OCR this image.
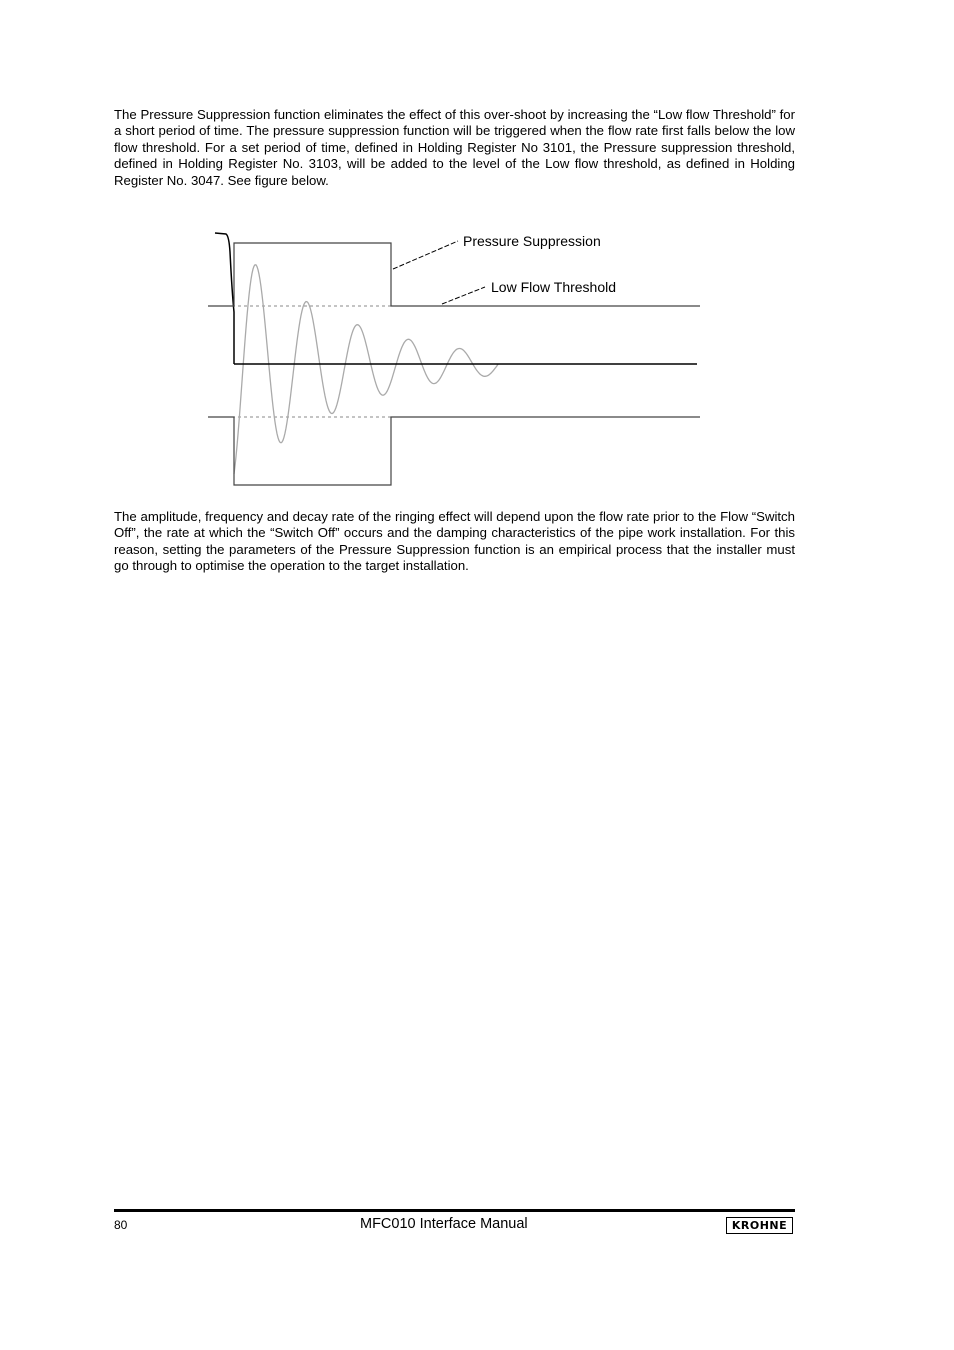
The Pressure Suppression function eliminates the effect of this over-shoot by increasing the “Low flow Threshold” for a short period of time. The pressure suppression function will be triggered when the flow rate first falls below the low flow threshold. For a set period of time, defined in Holding Register No 3101, the Pressure suppression threshold, defined in Holding Register No. 3103, will be added to the level of the Low flow threshold, as defined in Holding Register No. 3047. See figure below.

Pressure Suppression
Low Flow Threshold

The amplitude, frequency and decay rate of the ringing effect will depend upon the flow rate prior to the Flow “Switch Off”, the rate at which the “Switch Off” occurs and the damping characteristics of the pipe work installation. For this reason, setting the parameters of the Pressure Suppression function is an empirical process that the installer must go through to optimise the operation to the target installation.

80	MFC010 Interface Manual	KROHNE
